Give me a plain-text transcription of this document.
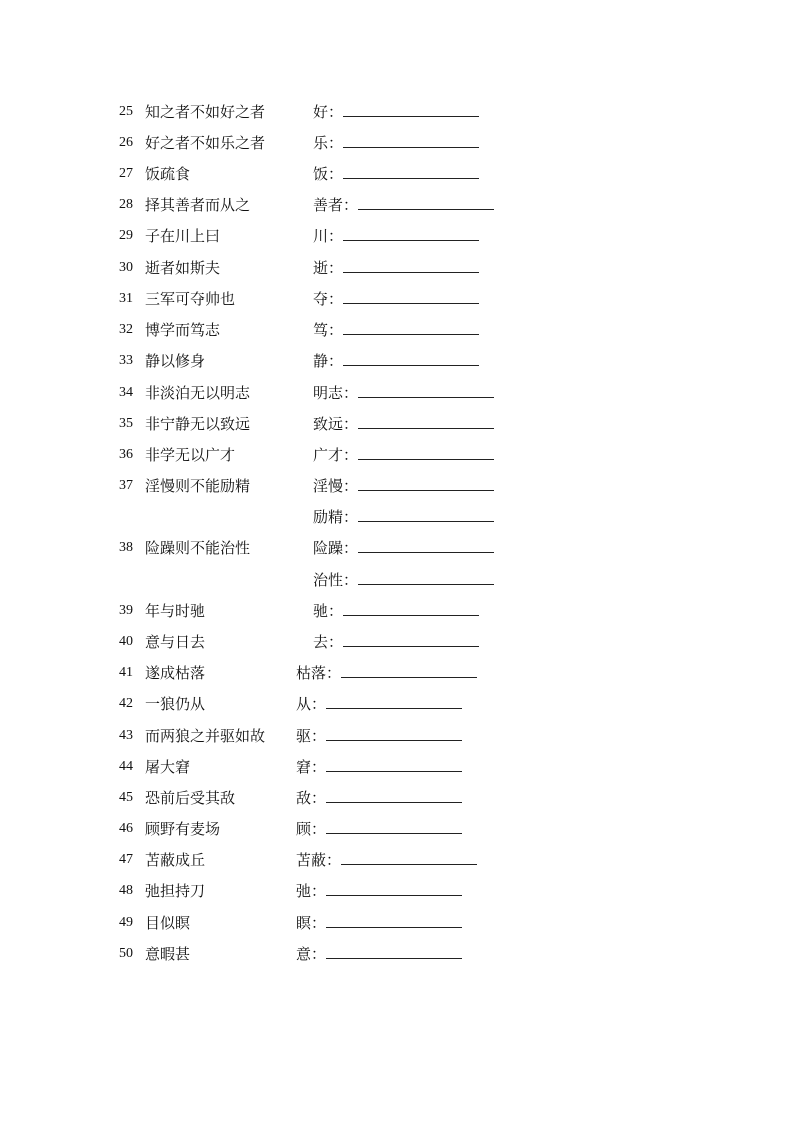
25 知之者不如好之者	好：
26 好之者不如乐之者	乐：
27 饭疏食	饭：
28 择其善者而从之	善者：
29 子在川上曰	川：
30 逝者如斯夫	逝：
31 三军可夺帅也	夺：
32 博学而笃志	笃：
33 静以修身	静：
34 非淡泊无以明志	明志：
35 非宁静无以致远	致远：
36 非学无以广才	广才：
37 淫慢则不能励精	淫慢：
励精：
38 险躁则不能治性	险躁：
治性：
39 年与时驰	驰：
40 意与日去	去：
41 遂成枯落	枯落：
42 一狼仍从	从：
43 而两狼之并驱如故 驱：
44 屠大窘	窘：
45 恐前后受其敌	敌：
46 顾野有麦场	顾：
47 苫蔽成丘	苫蔽：
48 弛担持刀	弛：
49 目似瞑	瞑：
50 意暇甚	意：
